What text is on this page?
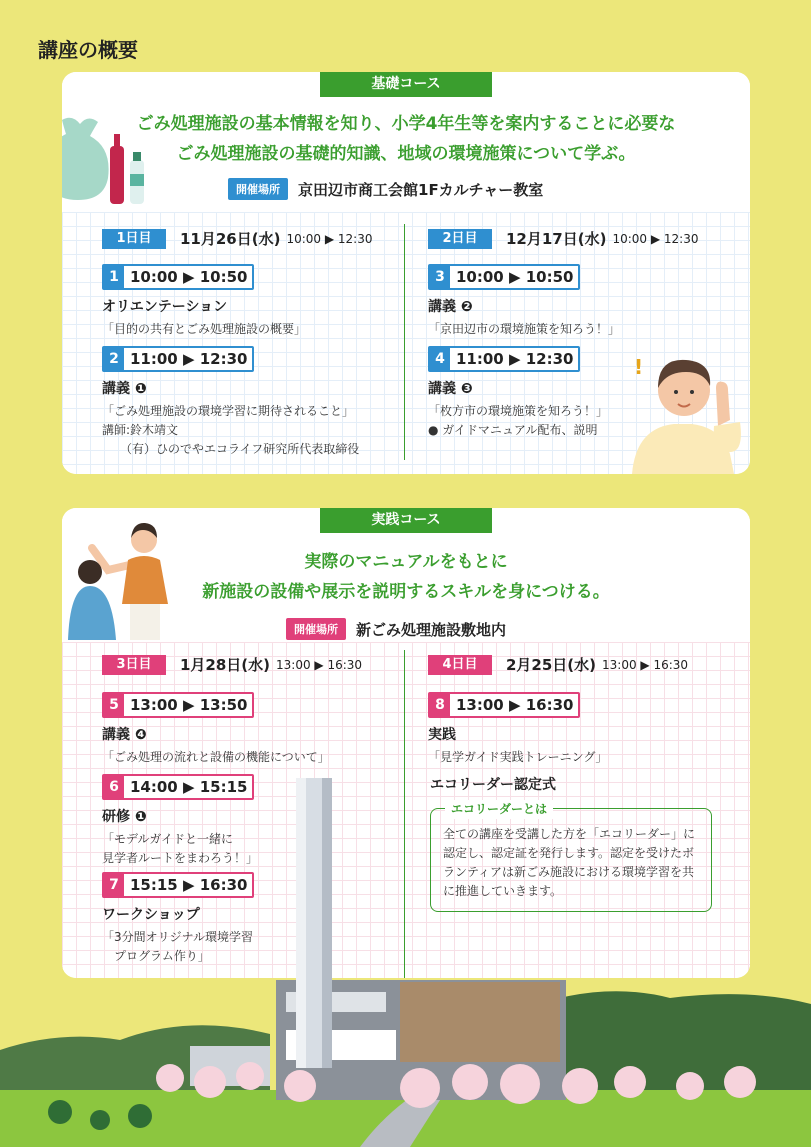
講座の概要
基礎コース
ごみ処理施設の基本情報を知り、小学4年生等を案内することに必要な
ごみ処理施設の基礎的知識、地域の環境施策について学ぶ。
開催場所	京田辺市商工会館1Fカルチャー教室
1日目	11月26日(水) 10:00 ▶ 12:30	2日目	12月17日(水) 10:00 ▶ 12:30
1 10:00 ▶ 10:50
オリエンテーション
「目的の共有とごみ処理施設の概要」
2 11:00 ▶ 12:30
講義 ❶
「ごみ処理施設の環境学習に期待されること」
講師:鈴木靖文
　　（有）ひのでやエコライフ研究所代表取締役
3 10:00 ▶ 10:50
講義 ❷
「京田辺市の環境施策を知ろう！」
4 11:00 ▶ 12:30
講義 ❸
「枚方市の環境施策を知ろう！」
● ガイドマニュアル配布、説明
!
実践コース
実際のマニュアルをもとに
新施設の設備や展示を説明するスキルを身につける。
開催場所	新ごみ処理施設敷地内
3日目	1月28日(水) 13:00 ▶ 16:30	4日目	2月25日(水) 13:00 ▶ 16:30
5 13:00 ▶ 13:50
講義 ❹
「ごみ処理の流れと設備の機能について」
6 14:00 ▶ 15:15
研修 ❶
「モデルガイドと一緒に
見学者ルートをまわろう！」
7 15:15 ▶ 16:30
ワークショップ
「3分間オリジナル環境学習
　プログラム作り」
8 13:00 ▶ 16:30
実践
「見学ガイド実践トレーニング」
エコリーダー認定式
エコリーダーとは
全ての講座を受講した方を「エコリーダー」に認定し、認定証を発行します。認定を受けたボランティアは新ごみ施設における環境学習を共に推進していきます。
